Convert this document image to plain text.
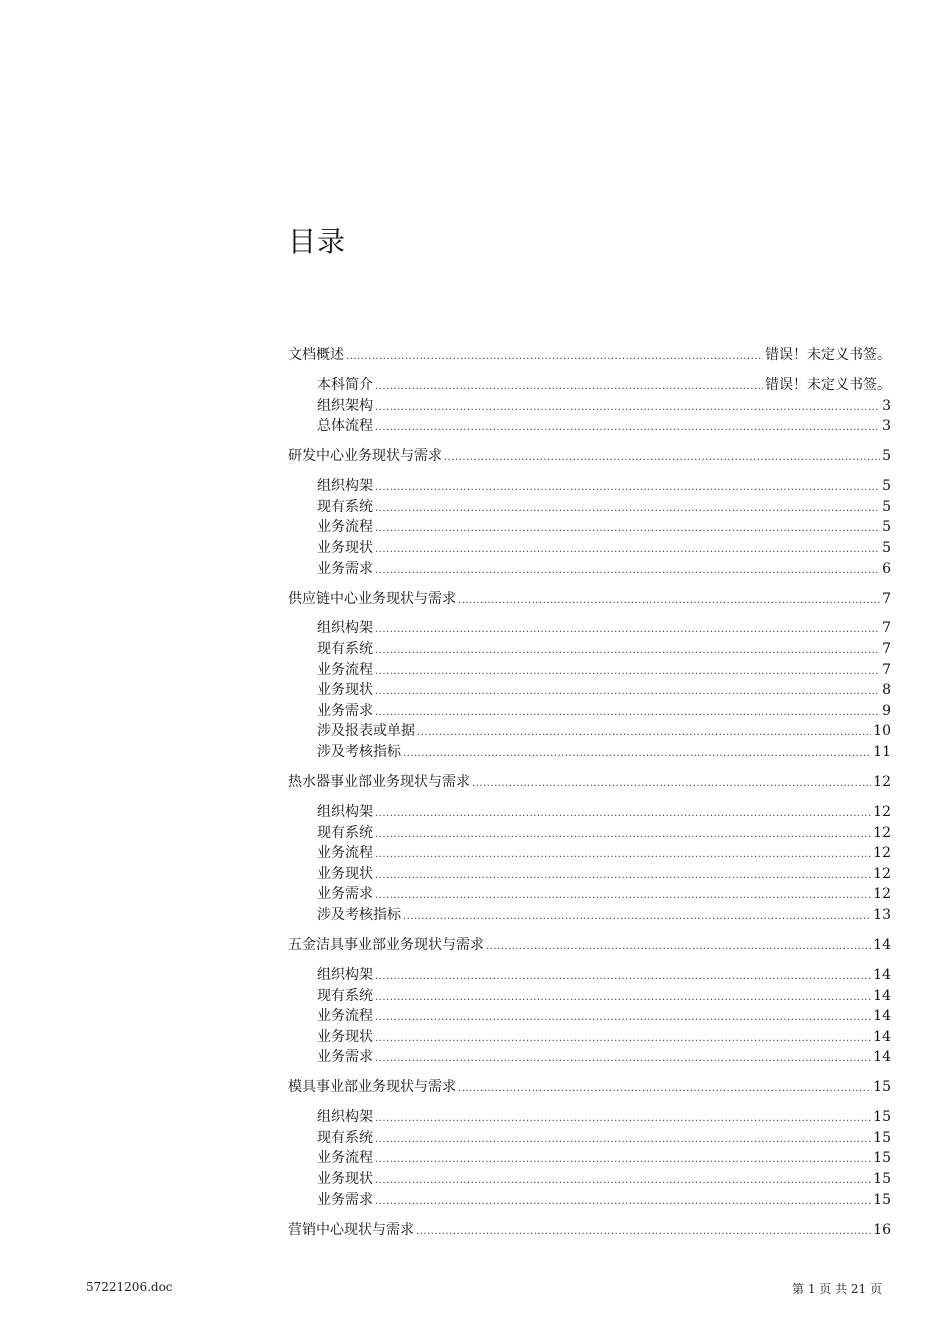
目录
文档概述 .....	错误！未定义书签。
本科简介 .....	错误！未定义书签。
组织架构 .....	3
总体流程 .....	3
研发中心业务现状与需求 .....	5
组织构架 .....	5
现有系统 .....	5
业务流程 .....	5
业务现状 .....	5
业务需求 .....	6
供应链中心业务现状与需求 .....	7
组织构架 .....	7
现有系统 .....	7
业务流程 .....	7
业务现状 .....	8
业务需求 .....	9
涉及报表或单据 .....	10
涉及考核指标 .....	11
热水器事业部业务现状与需求 .....	12
组织构架 .....	12
现有系统 .....	12
业务流程 .....	12
业务现状 .....	12
业务需求 .....	12
涉及考核指标 .....	13
五金洁具事业部业务现状与需求 .....	14
组织构架 .....	14
现有系统 .....	14
业务流程 .....	14
业务现状 .....	14
业务需求 .....	14
模具事业部业务现状与需求 .....	15
组织构架 .....	15
现有系统 .....	15
业务流程 .....	15
业务现状 .....	15
业务需求 .....	15
营销中心现状与需求 .....	16
57221206.doc	第 1 页 共 21 页
